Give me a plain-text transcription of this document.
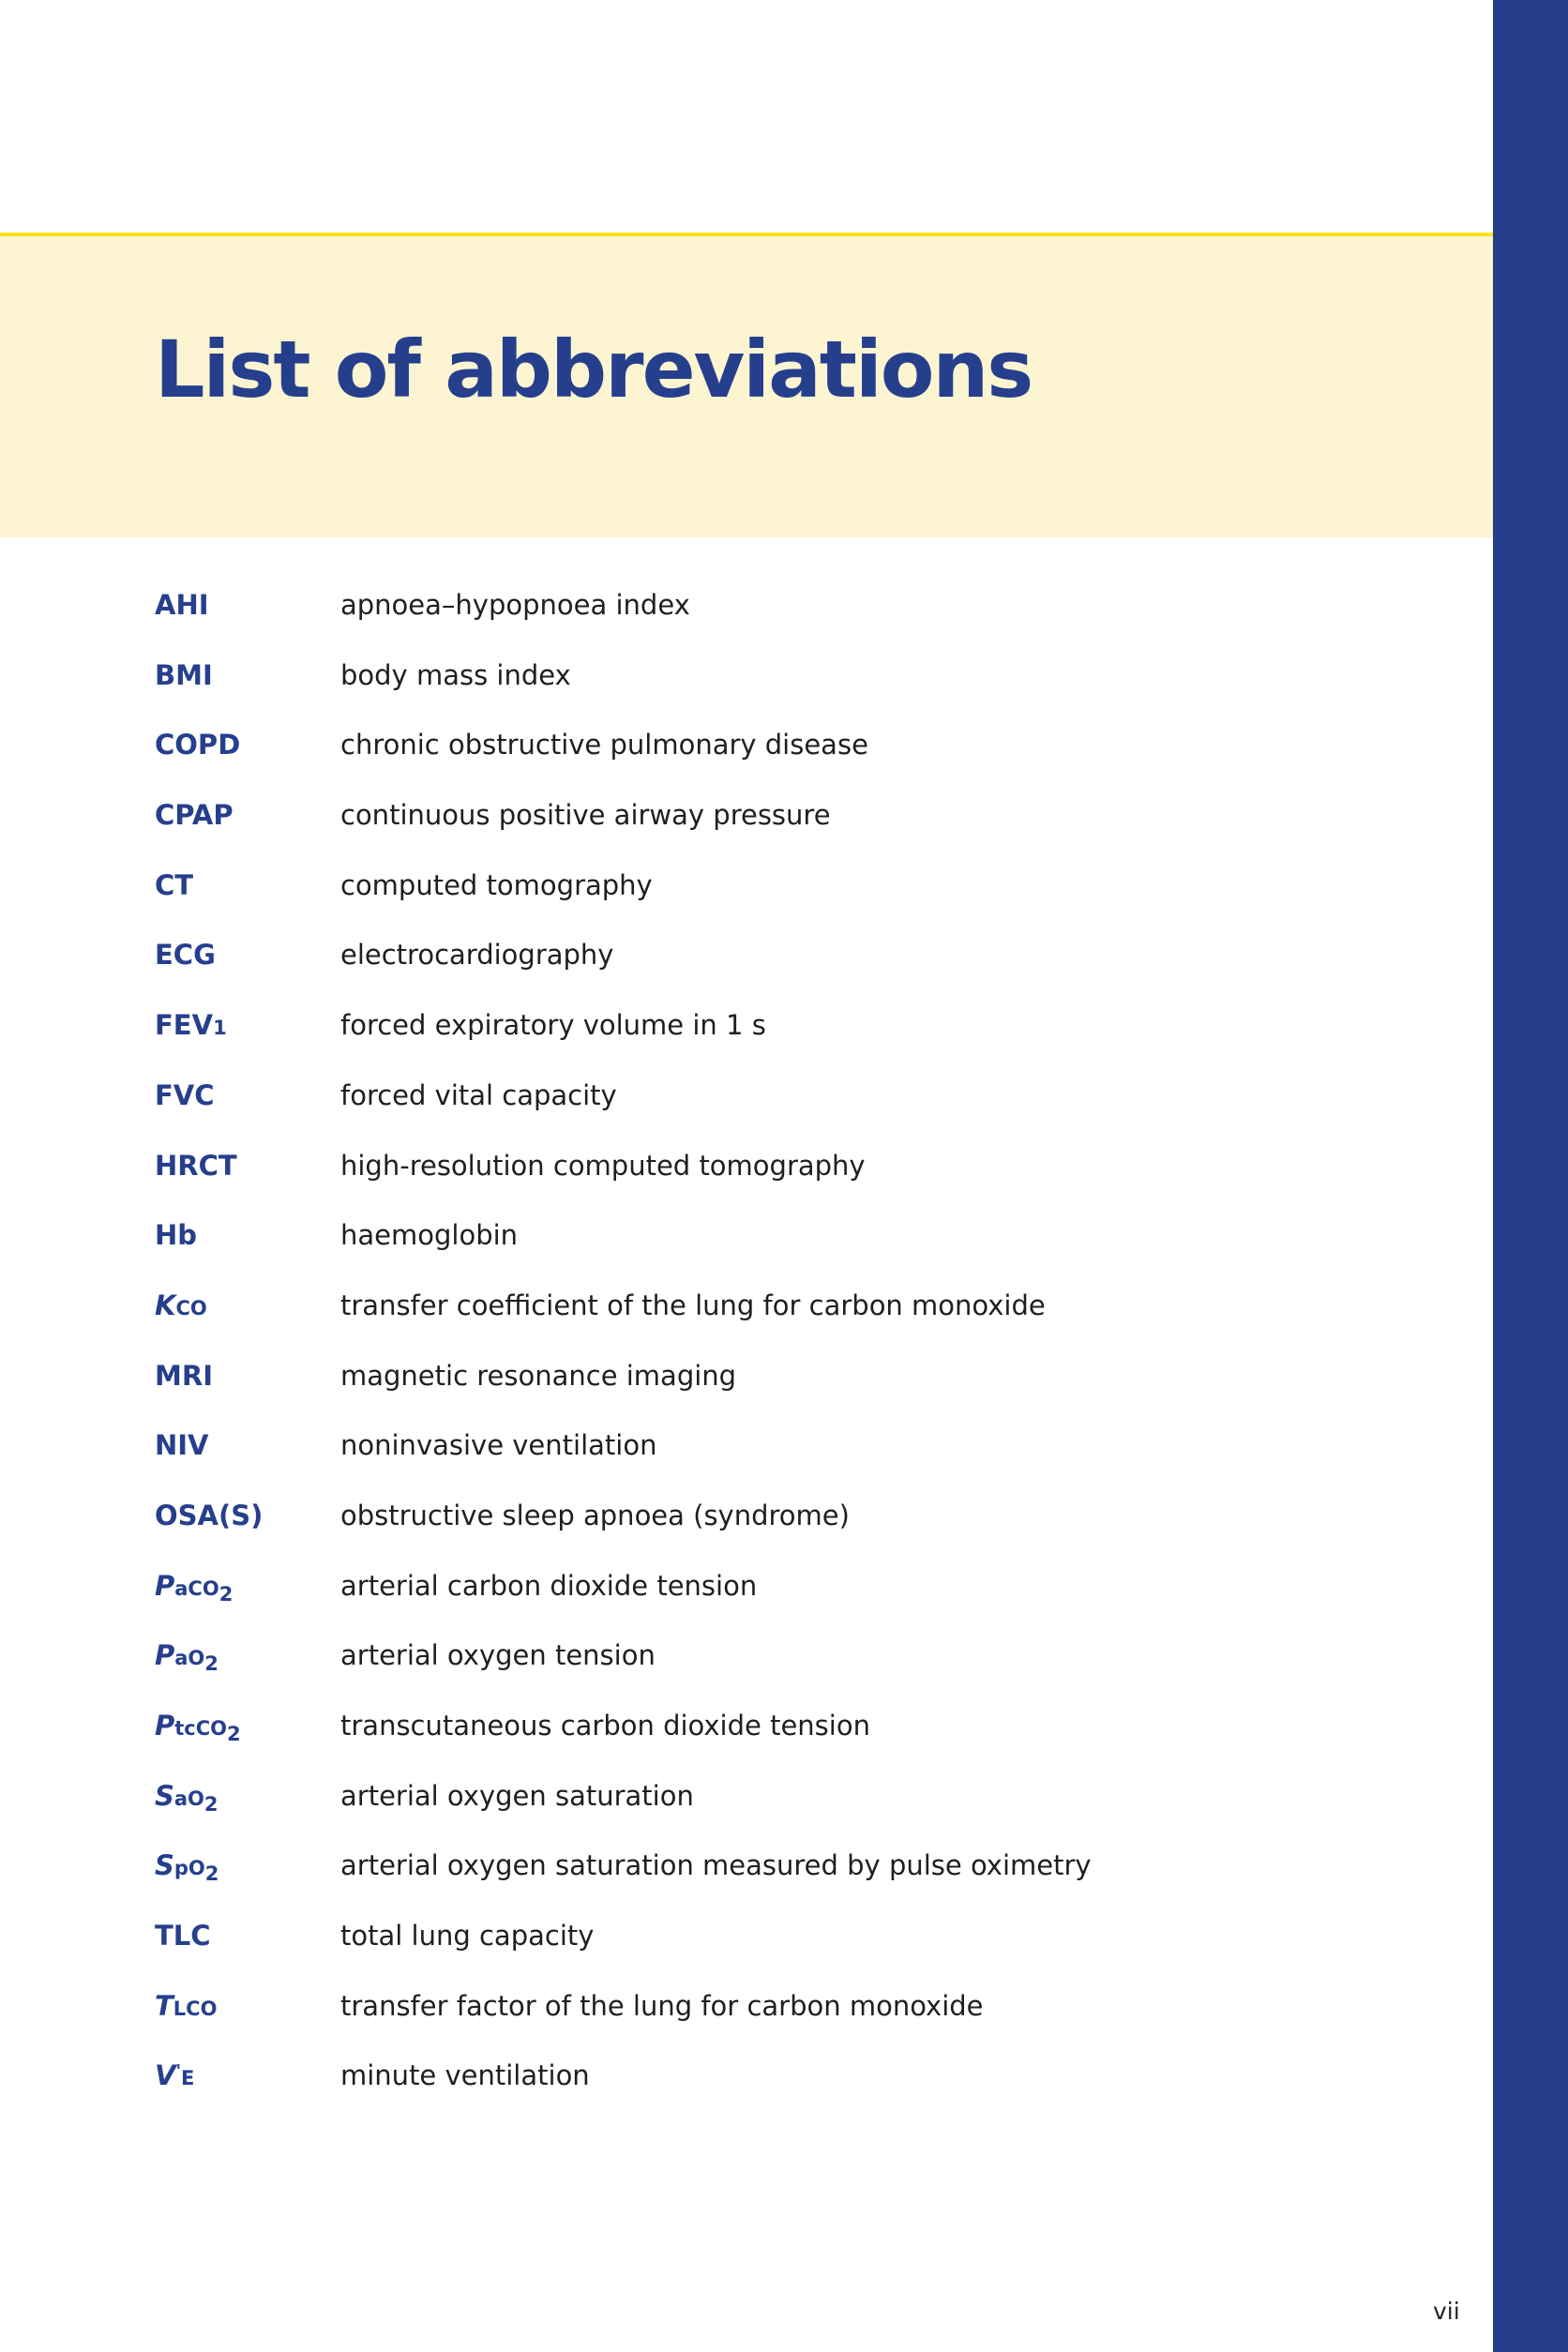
List of abbreviations
AHI	apnoea–hypopnoea index
BMI	body mass index
COPD	chronic obstructive pulmonary disease
CPAP	continuous positive airway pressure
CT	computed tomography
ECG	electrocardiography
FEV1	forced expiratory volume in 1 s
FVC	forced vital capacity
HRCT	high-resolution computed tomography
Hb	haemoglobin
KCO	transfer coefficient of the lung for carbon monoxide
MRI	magnetic resonance imaging
NIV	noninvasive ventilation
OSA(S)	obstructive sleep apnoea (syndrome)
PaCO$_2$	arterial carbon dioxide tension
PaO$_2$	arterial oxygen tension
PtcCO$_2$	transcutaneous carbon dioxide tension
SaO$_2$	arterial oxygen saturation
SpO$_2$	arterial oxygen saturation measured by pulse oximetry
TLC	total lung capacity
TLCO	transfer factor of the lung for carbon monoxide
V'E	minute ventilation
vii
